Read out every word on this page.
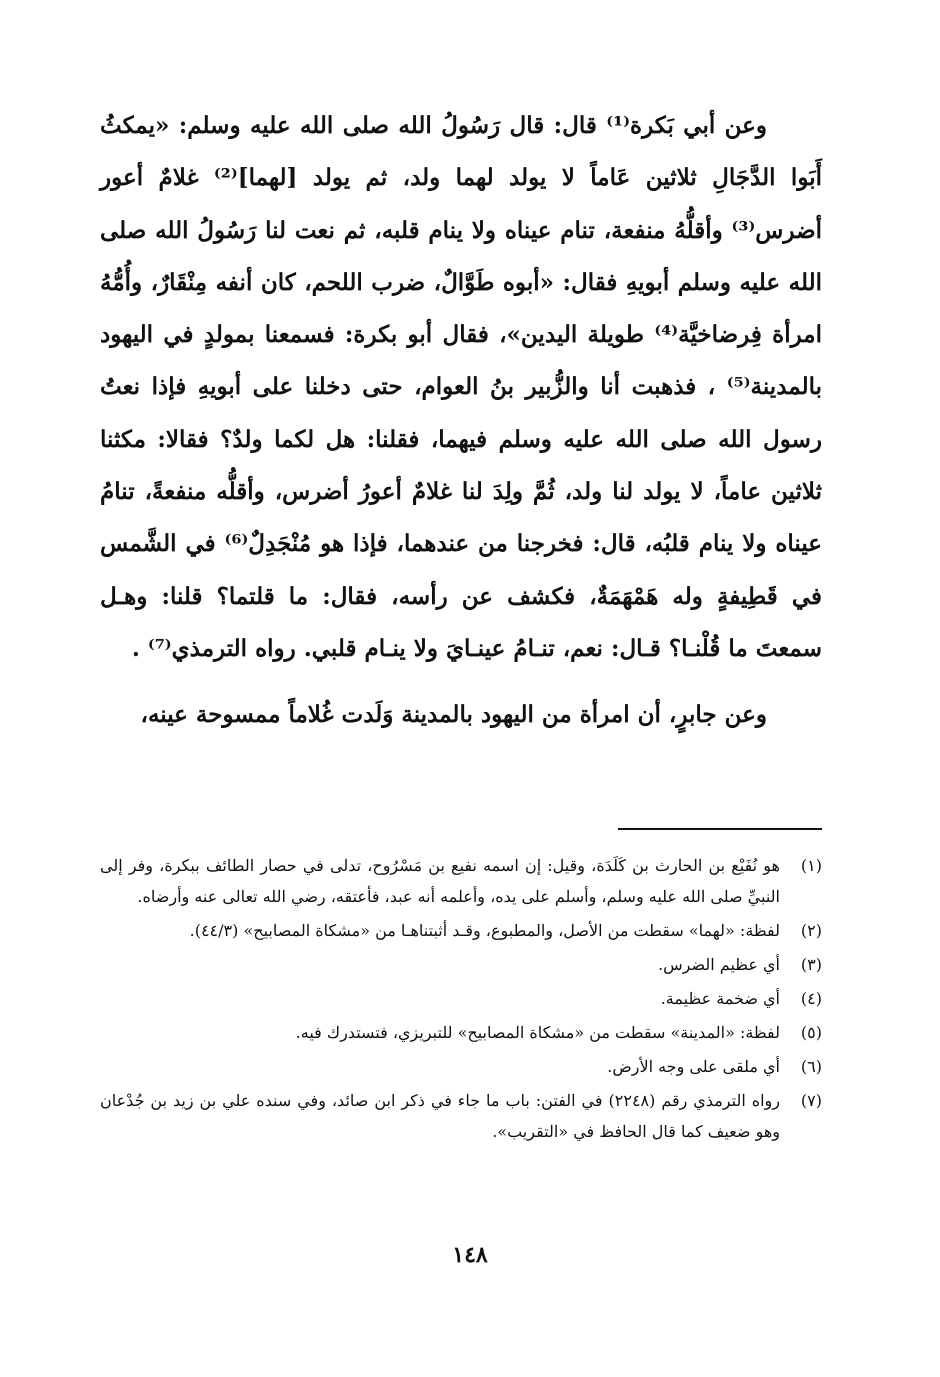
وعن أبي بَكرة⁽¹⁾ قال: قال رَسُولُ الله صلى الله عليه وسلم: «يمكثُ أَبَوا الدَّجَالِ ثلاثين عَاماً لا يولد لهما ولد، ثم يولد [لهما]⁽²⁾ غلامٌ أعور أضرس⁽³⁾ وأقلُّهُ منفعة، تنام عيناه ولا ينام قلبه، ثم نعت لنا رَسُولُ الله صلى الله عليه وسلم أبويهِ فقال: «أبوه طَوَّالٌ، ضرب اللحم، كان أنفه مِنْقَارٌ، وأُمُّهُ امرأة فِرضاخيَّة⁽⁴⁾ طويلة اليدين»، فقال أبو بكرة: فسمعنا بمولدٍ في اليهود بالمدينة⁽⁵⁾ ، فذهبت أنا والزُّبير بنُ العوام، حتى دخلنا على أبويهِ فإذا نعتُ رسول الله صلى الله عليه وسلم فيهما، فقلنا: هل لكما ولدٌ؟ فقالا: مكثنا ثلاثين عاماً، لا يولد لنا ولد، ثُمَّ ولِدَ لنا غلامٌ أعورُ أضرس، وأقلُّه منفعةً، تنامُ عيناه ولا ينام قلبُه، قال: فخرجنا من عندهما، فإذا هو مُنْجَدِلٌ⁽⁶⁾ في الشَّمس في قَطِيفةٍ وله هَمْهَمَةٌ، فكشف عن رأسه، فقال: ما قلتما؟ قلنا: وهـل سمعتَ ما قُلْنـا؟ قـال: نعم، تنـامُ عينـايَ ولا ينـام قلبي. رواه الترمذي⁽⁷⁾ .

وعن جابرٍ، أن امرأة من اليهود بالمدينة وَلَدت غُلاماً ممسوحة عينه،

(١)
هو نُفَيْع بن الحارث بن كَلَدَة، وقيل: إن اسمه نفيع بن مَسْرُوح، تدلى في حصار الطائف ببكرة، وفر إلى النبيِّ صلى الله عليه وسلم، وأسلم على يده، وأعلمه أنه عبد، فأعتقه، رضي الله تعالى عنه وأرضاه.
(٢)
لفظة: «لهما» سقطت من الأصل، والمطبوع، وقـد أثبتناهـا من «مشكاة المصابيح» (٤٤/٣).
(٣)
أي عظيم الضرس.
(٤)
أي ضخمة عظيمة.
(٥)
لفظة: «المدينة» سقطت من «مشكاة المصابيح» للتبريزي، فتستدرك فيه.
(٦)
أي ملقى على وجه الأرض.
(٧)
رواه الترمذي رقم (٢٢٤٨) في الفتن: باب ما جاء في ذكر ابن صائد، وفي سنده علي بن زيد بن جُدْعان وهو ضعيف كما قال الحافظ في «التقريب».
١٤٨
